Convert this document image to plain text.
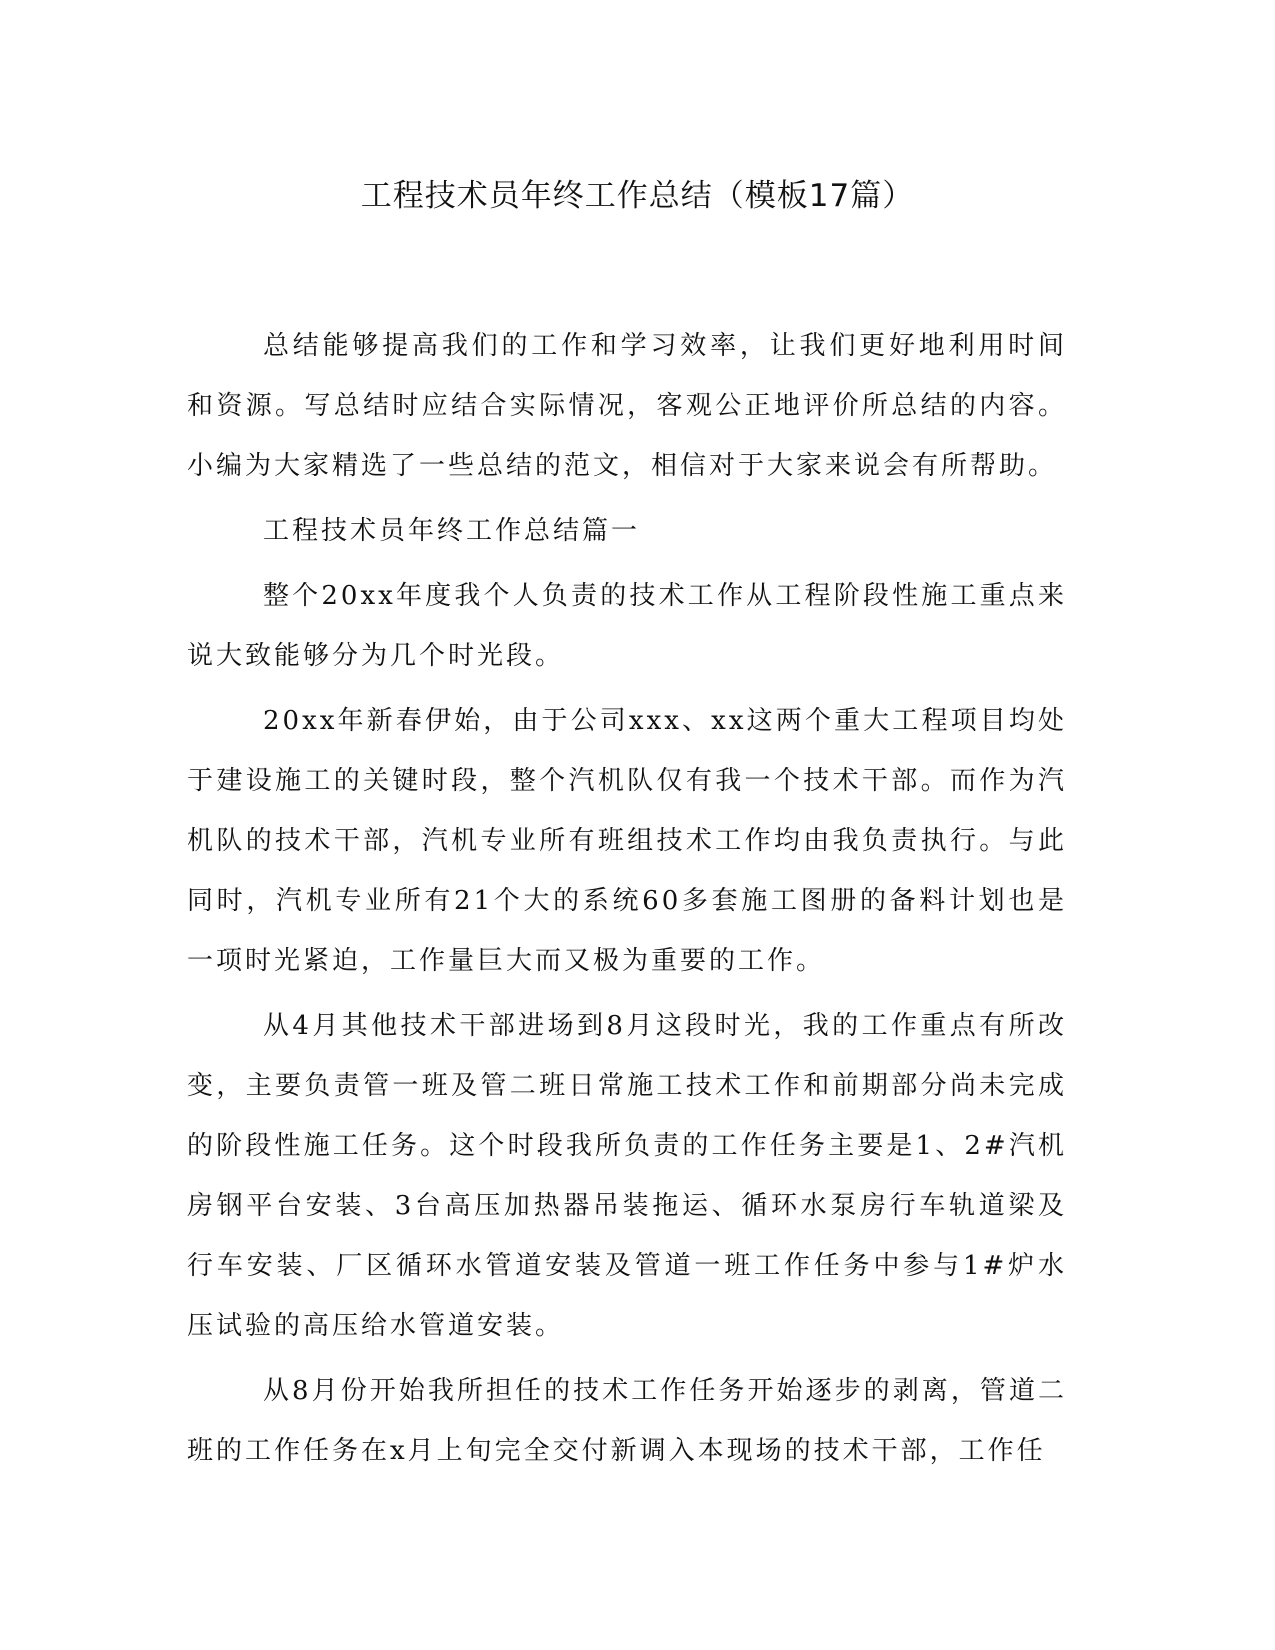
工程技术员年终工作总结（模板17篇）

总结能够提高我们的工作和学习效率，让我们更好地利用时间和资源。写总结时应结合实际情况，客观公正地评价所总结的内容。小编为大家精选了一些总结的范文，相信对于大家来说会有所帮助。

工程技术员年终工作总结篇一

整个20xx年度我个人负责的技术工作从工程阶段性施工重点来说大致能够分为几个时光段。

20xx年新春伊始，由于公司xxx、xx这两个重大工程项目均处于建设施工的关键时段，整个汽机队仅有我一个技术干部。而作为汽机队的技术干部，汽机专业所有班组技术工作均由我负责执行。与此同时，汽机专业所有21个大的系统60多套施工图册的备料计划也是一项时光紧迫，工作量巨大而又极为重要的工作。

从4月其他技术干部进场到8月这段时光，我的工作重点有所改变，主要负责管一班及管二班日常施工技术工作和前期部分尚未完成的阶段性施工任务。这个时段我所负责的工作任务主要是1、2#汽机房钢平台安装、3台高压加热器吊装拖运、循环水泵房行车轨道梁及行车安装、厂区循环水管道安装及管道一班工作任务中参与1#炉水压试验的高压给水管道安装。

从8月份开始我所担任的技术工作任务开始逐步的剥离，管道二班的工作任务在x月上旬完全交付新调入本现场的技术干部，工作任
